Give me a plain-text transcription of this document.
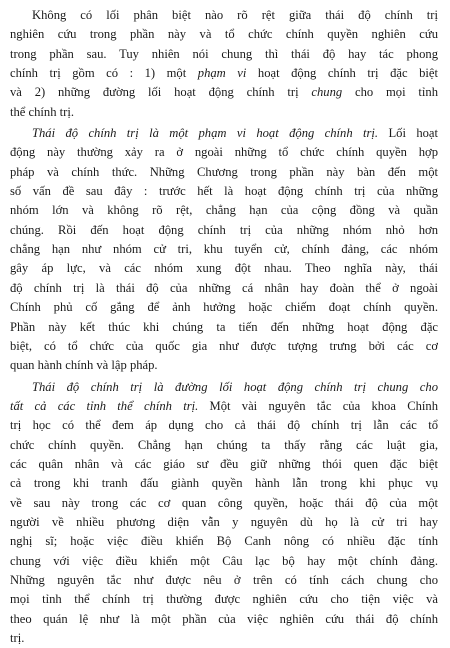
Không có lối phân biệt nào rõ rệt giữa thái độ chính trị
nghiên cứu trong phần này và tổ chức chính quyền nghiên cứu
trong phần sau. Tuy nhiên nói chung thì thái độ hay tác phong
chính trị gồm có : 1) một phạm vi hoạt động chính trị đặc biệt
và 2) những đường lối hoạt động chính trị chung cho mọi tỉnh
thể chính trị.
Thái độ chính trị là một phạm vi hoạt động chính trị. Lối hoạt
động này thường xảy ra ở ngoài những tổ chức chính quyền hợp
pháp và chính thức. Những Chương trong phần này bàn đến một
số vấn đề sau đây : trước hết là hoạt động chính trị của những
nhóm lớn và không rõ rệt, chẳng hạn của cộng đồng và quần
chúng. Rồi đến hoạt động chính trị của những nhóm nhỏ hơn
chẳng hạn như nhóm cử tri, khu tuyển cử, chính đảng, các nhóm
gây áp lực, và các nhóm xung đột nhau. Theo nghĩa này, thái
độ chính trị là thái độ của những cá nhân hay đoàn thể ở ngoài
Chính phủ cố gắng để ảnh hưởng hoặc chiếm đoạt chính quyền.
Phần này kết thúc khi chúng ta tiến đến những hoạt động đặc
biệt, có tổ chức của quốc gia như được tượng trưng bởi các cơ
quan hành chính và lập pháp.
Thái độ chính trị là đường lối hoạt động chính trị chung cho
tất cả các tỉnh thể chính trị. Một vài nguyên tắc của khoa Chính
trị học có thể đem áp dụng cho cả thái độ chính trị lẫn các tổ
chức chính quyền. Chẳng hạn chúng ta thấy rằng các luật gia,
các quân nhân và các giáo sư đều giữ những thói quen đặc biệt
cả trong khi tranh đấu giành quyền hành lẫn trong khi phục vụ
về sau này trong các cơ quan công quyền, hoặc thái độ của một
người về nhiều phương diện vẫn y nguyên dù họ là cử tri hay
nghị sĩ; hoặc việc điều khiển Bộ Canh nông có nhiều đặc tính
chung với việc điều khiển một Câu lạc bộ hay một chính đảng.
Những nguyên tắc như được nêu ở trên có tính cách chung cho
mọi tỉnh thể chính trị thường được nghiên cứu cho tiện việc và
theo quán lệ như là một phần của việc nghiên cứu thái độ chính
trị.
